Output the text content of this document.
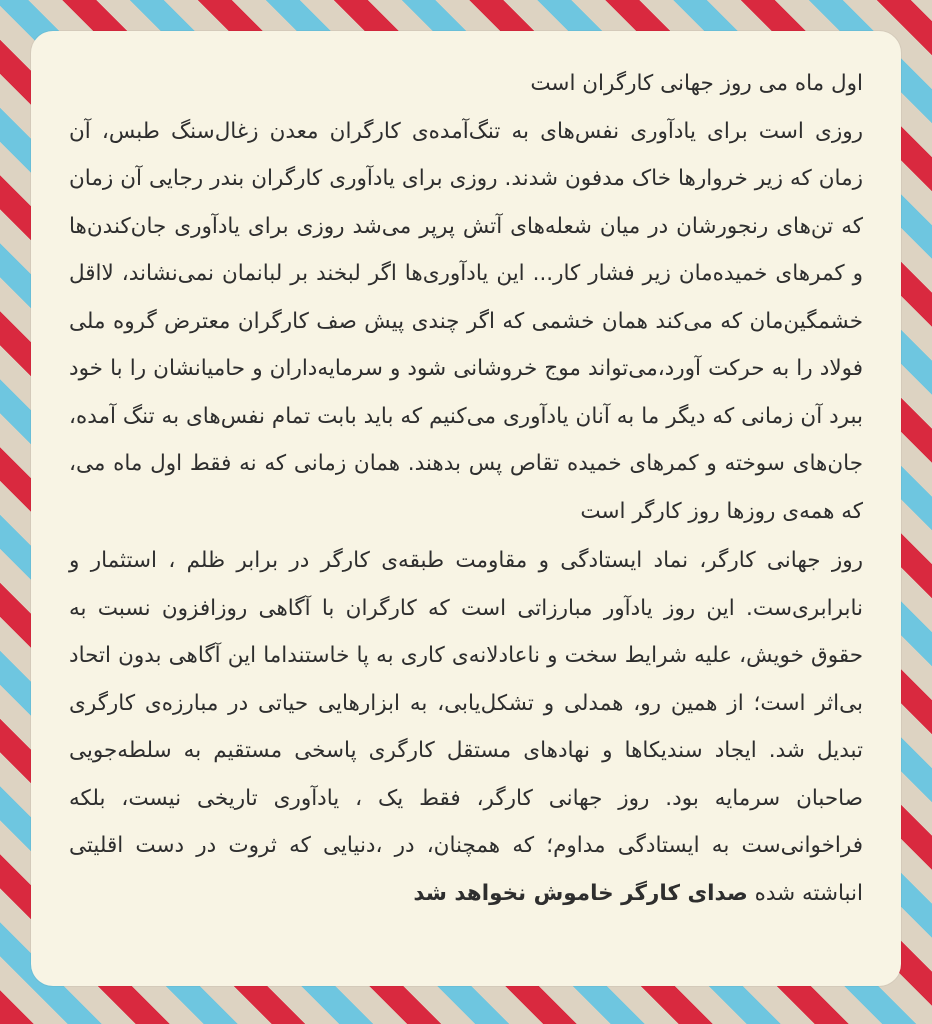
اول ماه می روز جهانی کارگران است
روزی است برای یادآوری نفس‌های به تنگ‌آمده‌ی کارگران معدن زغال‌سنگ طبس، آن زمان که زیر خروارها خاک مدفون شدند. روزی برای یادآوری کارگران بندر رجایی آن زمان که تن‌های رنجورشان در میان شعله‌های آتش پرپر می‌شد روزی برای یادآوری جان‌کندن‌ها و کمرهای خمیده‌مان زیر فشار کار... این یادآوری‌ها اگر لبخند بر لبانمان نمی‌نشاند، لااقل خشمگین‌مان که می‌کند همان خشمی که اگر چندی پیش صف کارگران معترض گروه ملی فولاد را به حرکت آورد،می‌تواند موج خروشانی شود و سرمایه‌داران و حامیانشان را با خود ببرد آن زمانی که دیگر ما به آنان یادآوری می‌کنیم که باید بابت تمام نفس‌های به تنگ آمده، جان‌های سوخته و کمرهای خمیده تقاص پس بدهند. همان زمانی که نه فقط اول ماه می، که همه‌ی روزها روز کارگر است

روز جهانی کارگر، نماد ایستادگی و مقاومت طبقه‌ی کارگر در برابر ظلم ، استثمار و نابرابری‌ست. این روز یادآور مبارزاتی است که کارگران با آگاهی روزافزون نسبت به حقوق خویش، علیه شرایط سخت و ناعادلانه‌ی کاری به پا خاستنداما این آگاهی بدون اتحاد بی‌اثر است؛ از همین رو، همدلی و تشکل‌یابی، به ابزارهایی حیاتی در مبارزه‌ی کارگری تبدیل شد. ایجاد سندیکاها و نهادهای مستقل کارگری پاسخی مستقیم به سلطه‌جویی صاحبان سرمایه بود. روز جهانی کارگر، فقط یک ، یادآوری تاریخی نیست، بلکه فراخوانی‌ست به ایستادگی مداوم؛ که همچنان، در ،دنیایی که ثروت در دست اقلیتی انباشته شده صدای کارگر خاموش نخواهد شد
